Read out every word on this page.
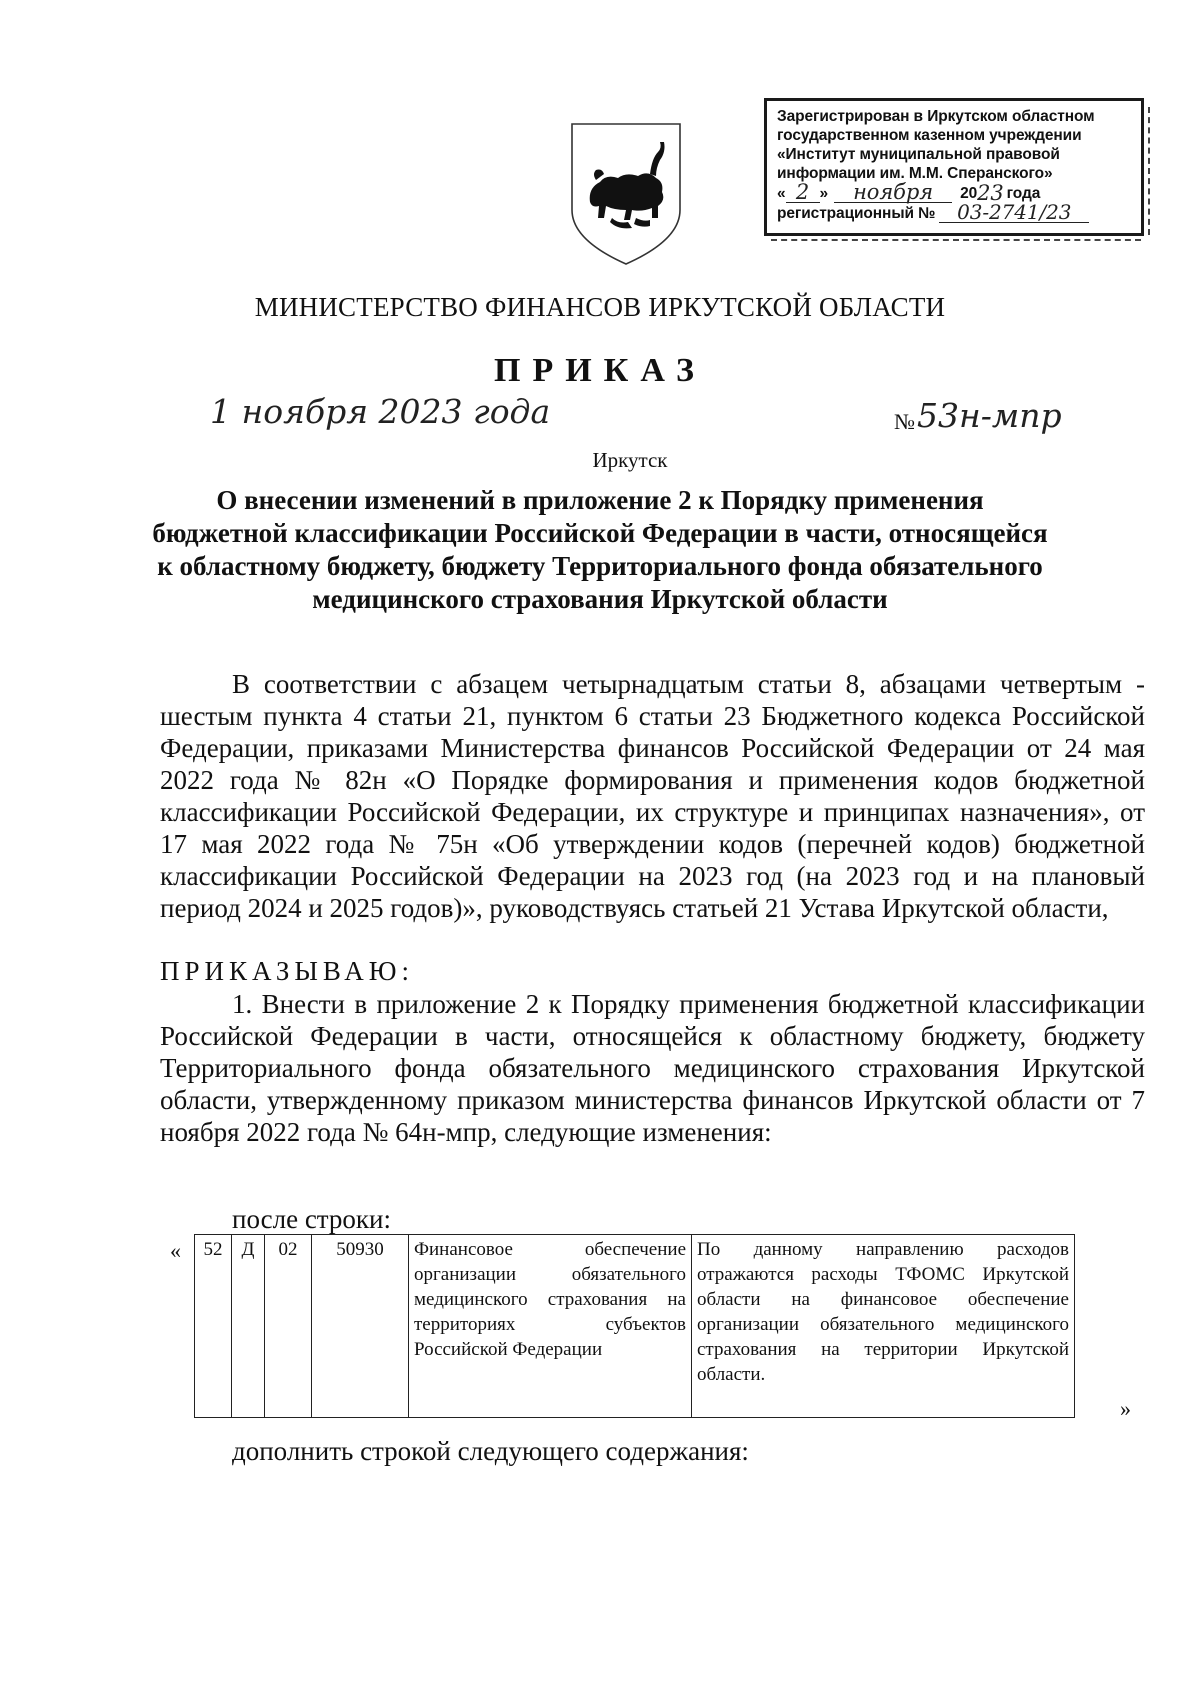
Зарегистрирован в Иркутском областном
государственном казенном учреждении
«Институт муниципальной правовой
информации им. М.М. Сперанского»
« 2 »	ноября	20 23 года
регистрационный №	03-2741/23
МИНИСТЕРСТВО ФИНАНСОВ ИРКУТСКОЙ ОБЛАСТИ
ПРИКАЗ
1 ноября 2023 года	№ 53н-мпр
Иркутск
О внесении изменений в приложение 2 к Порядку применения бюджетной классификации Российской Федерации в части, относящейся к областному бюджету, бюджету Территориального фонда обязательного медицинского страхования Иркутской области
В соответствии с абзацем четырнадцатым статьи 8, абзацами четвертым - шестым пункта 4 статьи 21, пунктом 6 статьи 23 Бюджетного кодекса Российской Федерации, приказами Министерства финансов Российской Федерации от 24 мая 2022 года № 82н «О Порядке формирования и применения кодов бюджетной классификации Российской Федерации, их структуре и принципах назначения», от 17 мая 2022 года № 75н «Об утверждении кодов (перечней кодов) бюджетной классификации Российской Федерации на 2023 год (на 2023 год и на плановый период 2024 и 2025 годов)», руководствуясь статьей 21 Устава Иркутской области,
ПРИКАЗЫВАЮ:
1. Внести в приложение 2 к Порядку применения бюджетной классификации Российской Федерации в части, относящейся к областному бюджету, бюджету Территориального фонда обязательного медицинского страхования Иркутской области, утвержденному приказом министерства финансов Иркутской области от 7 ноября 2022 года № 64н-мпр, следующие изменения:
после строки:
« 52	Д	02	50930	Финансовое обеспечение организации обязательного медицинского страхования на территориях субъектов Российской Федерации	По данному направлению расходов отражаются расходы ТФОМС Иркутской области на финансовое обеспечение организации обязательного медицинского страхования на территории Иркутской области.
»
дополнить строкой следующего содержания:
